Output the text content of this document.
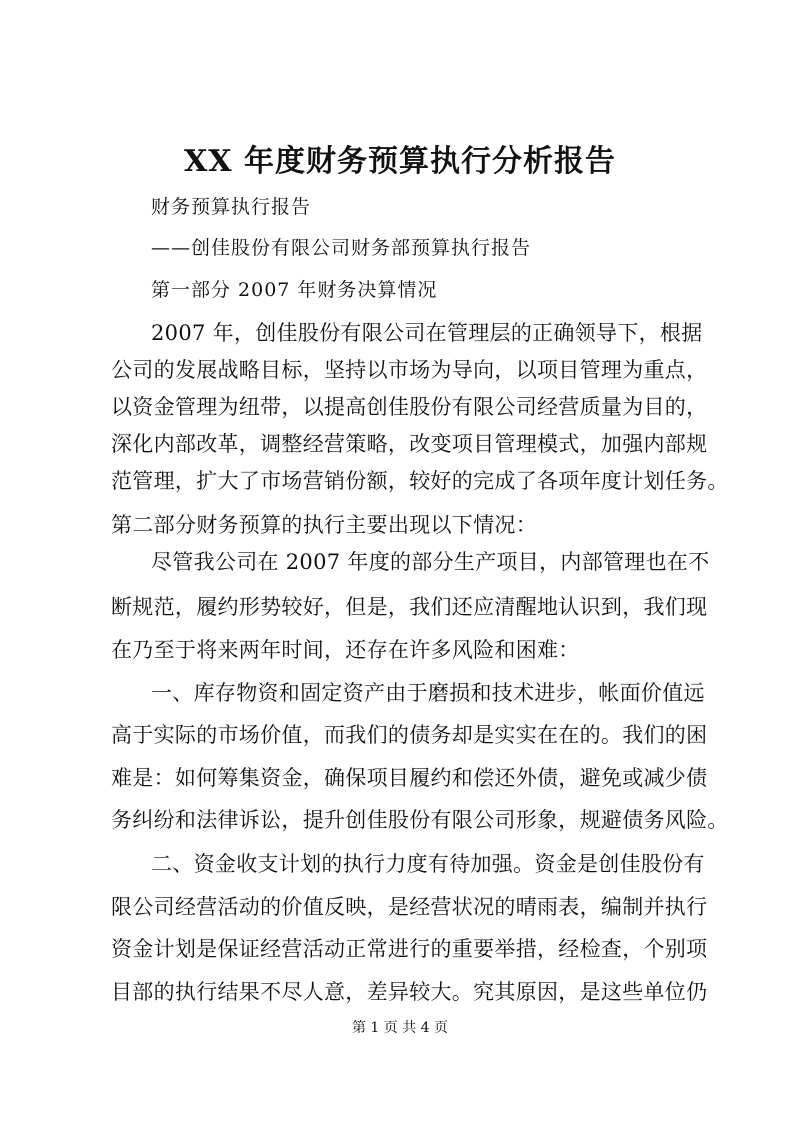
XX 年度财务预算执行分析报告
财务预算执行报告
——创佳股份有限公司财务部预算执行报告
第一部分 2007 年财务决算情况
2007 年，创佳股份有限公司在管理层的正确领导下，根据
公司的发展战略目标，坚持以市场为导向，以项目管理为重点，
以资金管理为纽带，以提高创佳股份有限公司经营质量为目的，
深化内部改革，调整经营策略，改变项目管理模式，加强内部规
范管理，扩大了市场营销份额，较好的完成了各项年度计划任务。
第二部分财务预算的执行主要出现以下情况：
尽管我公司在 2007 年度的部分生产项目，内部管理也在不
断规范，履约形势较好，但是，我们还应清醒地认识到，我们现
在乃至于将来两年时间，还存在许多风险和困难：
一、库存物资和固定资产由于磨损和技术进步，帐面价值远
高于实际的市场价值，而我们的债务却是实实在在的。我们的困
难是：如何筹集资金，确保项目履约和偿还外债，避免或减少债
务纠纷和法律诉讼，提升创佳股份有限公司形象，规避债务风险。
二、资金收支计划的执行力度有待加强。资金是创佳股份有
限公司经营活动的价值反映，是经营状况的晴雨表，编制并执行
资金计划是保证经营活动正常进行的重要举措，经检查，个别项
目部的执行结果不尽人意，差异较大。究其原因，是这些单位仍
第 1 页 共 4 页
